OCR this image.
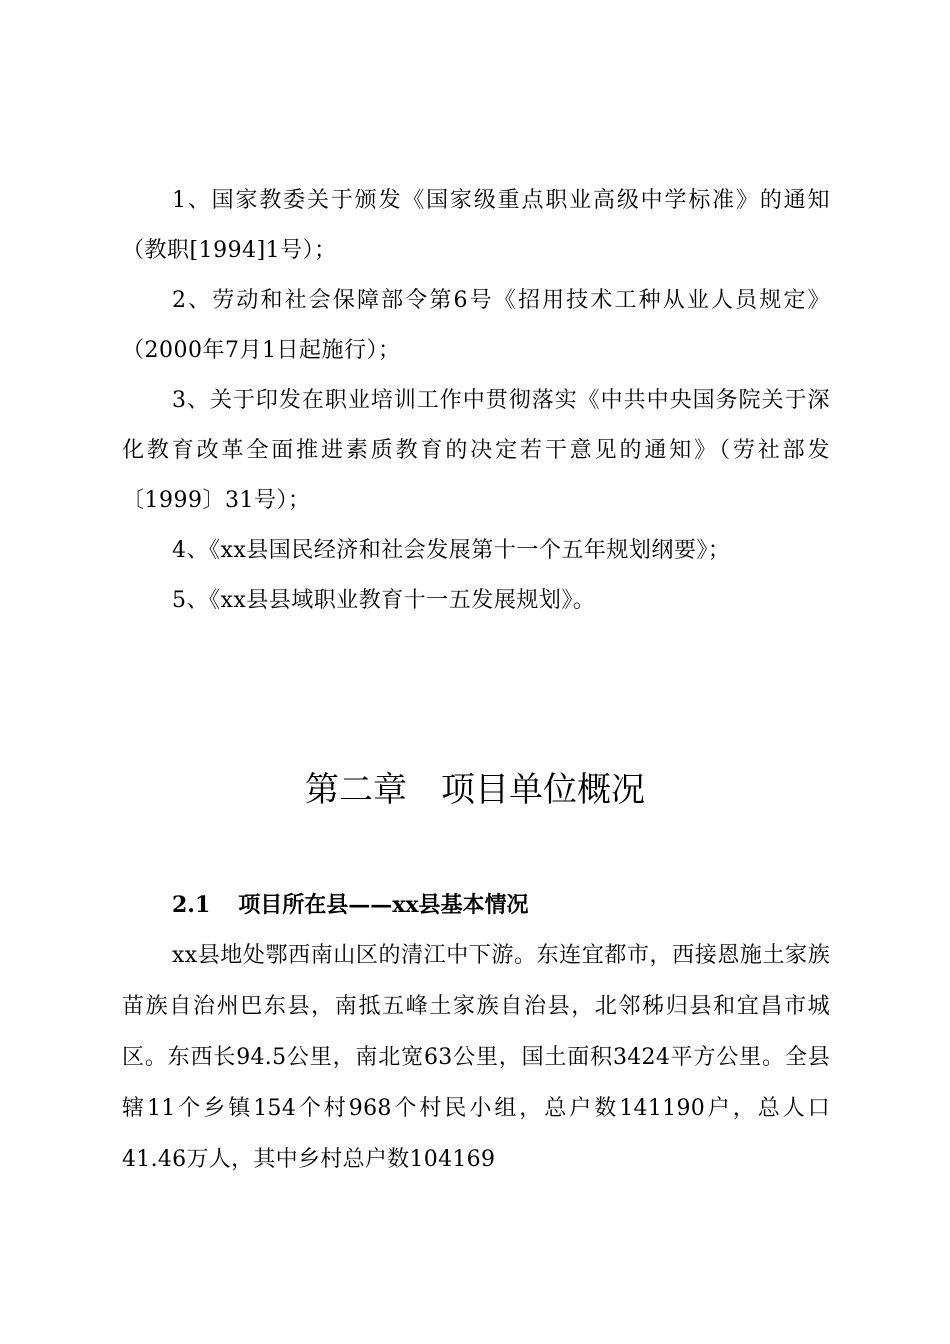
1、国家教委关于颁发《国家级重点职业高级中学标准》的通知（教职[1994]1号）；

2、劳动和社会保障部令第6号《招用技术工种从业人员规定》（2000年7月1日起施行）；

3、关于印发在职业培训工作中贯彻落实《中共中央国务院关于深化教育改革全面推进素质教育的决定若干意见的通知》（劳社部发〔1999〕31号）；

4、《xx县国民经济和社会发展第十一个五年规划纲要》；

5、《xx县县域职业教育十一五发展规划》。

第二章　项目单位概况
2.1 项目所在县——xx县基本情况

xx县地处鄂西南山区的清江中下游。东连宜都市，西接恩施土家族苗族自治州巴东县，南抵五峰土家族自治县，北邻秭归县和宜昌市城区。东西长94.5公里，南北宽63公里，国土面积3424平方公里。全县辖11个乡镇154个村968个村民小组，总户数141190户，总人口41.46万人，其中乡村总户数104169
